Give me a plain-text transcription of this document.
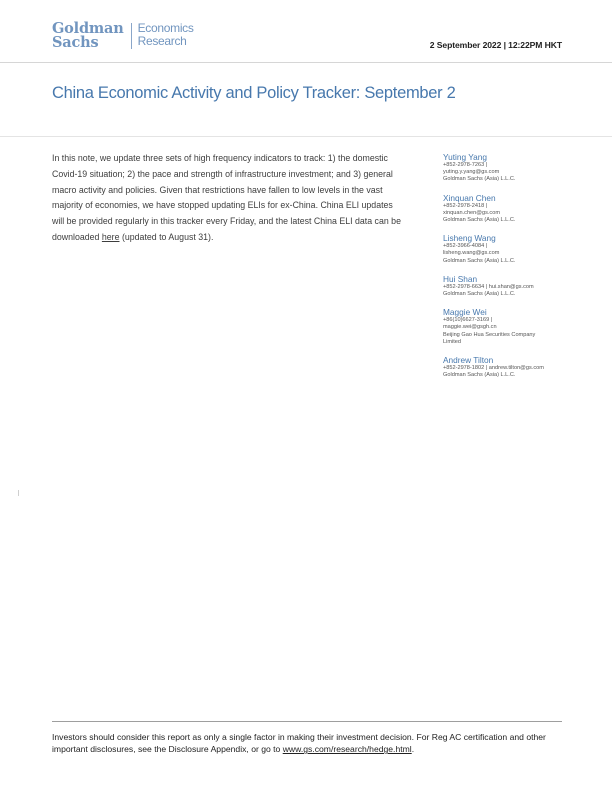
Goldman
Sachs
Economics
Research	2 September 2022 | 12:22PM HKT
China Economic Activity and Policy Tracker: September 2
In this note, we update three sets of high frequency indicators to track: 1) the domestic Covid-19 situation; 2) the pace and strength of infrastructure investment; and 3) general macro activity and policies. Given that restrictions have fallen to low levels in the vast majority of economies, we have stopped updating ELIs for ex-China. China ELI updates will be provided regularly in this tracker every Friday, and the latest China ELI data can be downloaded here (updated to August 31).
Yuting Yang
+852-2978-7263 |
yuting.y.yang@gs.com
Goldman Sachs (Asia) L.L.C.
Xinquan Chen
+852-2978-2418 |
xinquan.chen@gs.com
Goldman Sachs (Asia) L.L.C.
Lisheng Wang
+852-3966-4084 |
lisheng.wang@gs.com
Goldman Sachs (Asia) L.L.C.
Hui Shan
+852-2978-6634 | hui.shan@gs.com
Goldman Sachs (Asia) L.L.C.
Maggie Wei
+86(10)6627-3169 |
maggie.wei@gsgh.cn
Beijing Gao Hua Securities Company
Limited
Andrew Tilton
+852-2978-1802 | andrew.tilton@gs.com
Goldman Sachs (Asia) L.L.C.
Investors should consider this report as only a single factor in making their investment decision. For Reg AC certification and other important disclosures, see the Disclosure Appendix, or go to www.gs.com/research/hedge.html.
